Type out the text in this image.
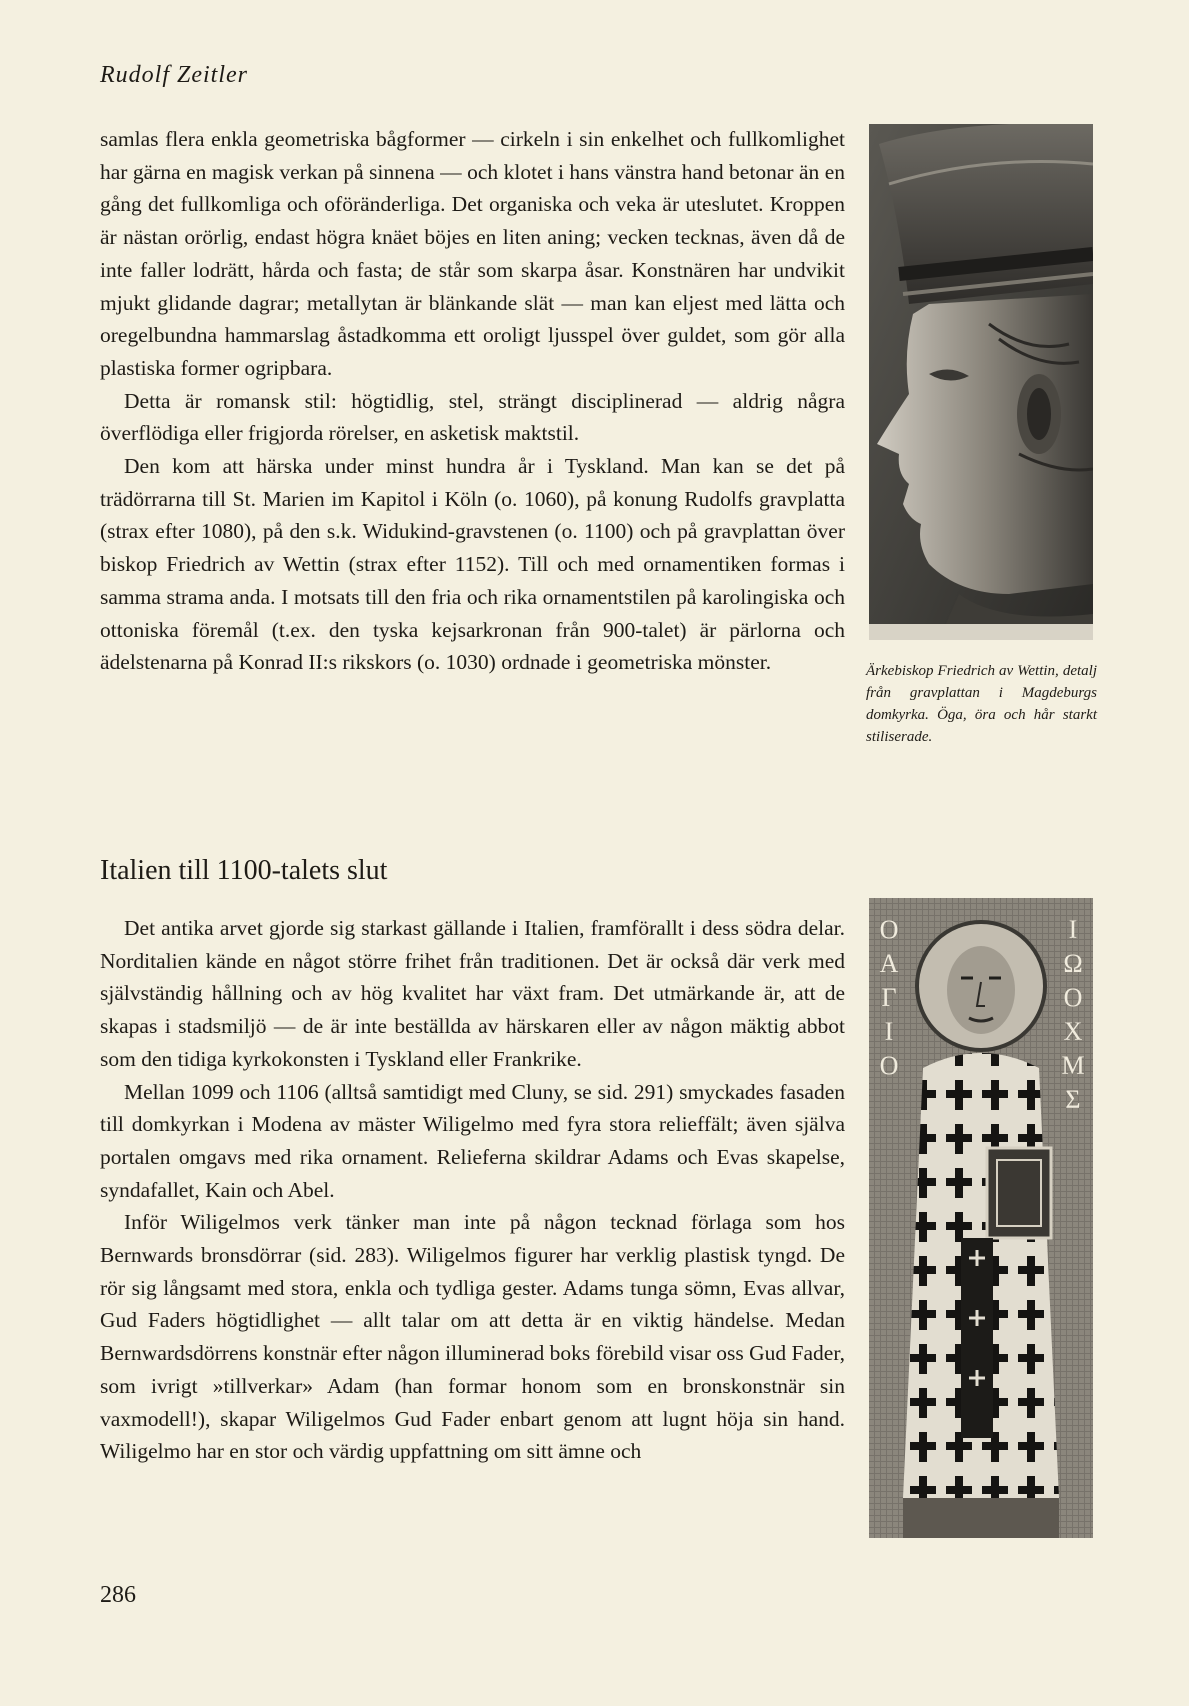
Rudolf Zeitler

samlas flera enkla geometriska bågformer — cirkeln i sin enkelhet och fullkomlighet har gärna en magisk verkan på sinnena — och klotet i hans vänstra hand betonar än en gång det fullkomliga och oföränderliga. Det organiska och veka är uteslutet. Kroppen är nästan orörlig, endast högra knäet böjes en liten aning; vecken tecknas, även då de inte faller lodrätt, hårda och fasta; de står som skarpa åsar. Konstnären har undvikit mjukt glidande dagrar; metallytan är blänkande slät — man kan eljest med lätta och oregelbundna hammarslag åstadkomma ett oroligt ljusspel över guldet, som gör alla plastiska former ogripbara.

Detta är romansk stil: högtidlig, stel, strängt disciplinerad — aldrig några överflödiga eller frigjorda rörelser, en asketisk maktstil.

Den kom att härska under minst hundra år i Tyskland. Man kan se det på trädörrarna till St. Marien im Kapitol i Köln (o. 1060), på konung Rudolfs gravplatta (strax efter 1080), på den s.k. Widukind-gravstenen (o. 1100) och på gravplattan över biskop Friedrich av Wettin (strax efter 1152). Till och med ornamentiken formas i samma strama anda. I motsats till den fria och rika ornamentstilen på karolingiska och ottoniska föremål (t.ex. den tyska kejsarkronan från 900-talet) är pärlorna och ädelstenarna på Konrad II:s rikskors (o. 1030) ordnade i geometriska mönster.	Ärkebiskop Friedrich av Wettin, detalj från gravplattan i Magdeburgs domkyrka. Öga, öra och hår starkt stiliserade.
Italien till 1100-talets slut

Det antika arvet gjorde sig starkast gällande i Italien, framförallt i dess södra delar. Norditalien kände en något större frihet från traditionen. Det är också där verk med självständig hållning och av hög kvalitet har växt fram. Det utmärkande är, att de skapas i stadsmiljö — de är inte beställda av härskaren eller av någon mäktig abbot som den tidiga kyrkokonsten i Tyskland eller Frankrike.

Mellan 1099 och 1106 (alltså samtidigt med Cluny, se sid. 291) smyckades fasaden till domkyrkan i Modena av mäster Wiligelmo med fyra stora relieffält; även själva portalen omgavs med rika ornament. Relieferna skildrar Adams och Evas skapelse, syndafallet, Kain och Abel.

Inför Wiligelmos verk tänker man inte på någon tecknad förlaga som hos Bernwards bronsdörrar (sid. 283). Wiligelmos figurer har verklig plastisk tyngd. De rör sig långsamt med stora, enkla och tydliga gester. Adams tunga sömn, Evas allvar, Gud Faders högtidlighet — allt talar om att detta är en viktig händelse. Medan Bernwardsdörrens konstnär efter någon illuminerad boks förebild visar oss Gud Fader, som ivrigt »tillverkar» Adam (han formar honom som en bronskonstnär sin vaxmodell!), skapar Wiligelmos Gud Fader enbart genom att lugnt höja sin hand. Wiligelmo har en stor och värdig uppfattning om sitt ämne och

Ο
Α
Γ
Ι
Ο
Ι
Ω
Ο
Χ
Μ
Σ
286
